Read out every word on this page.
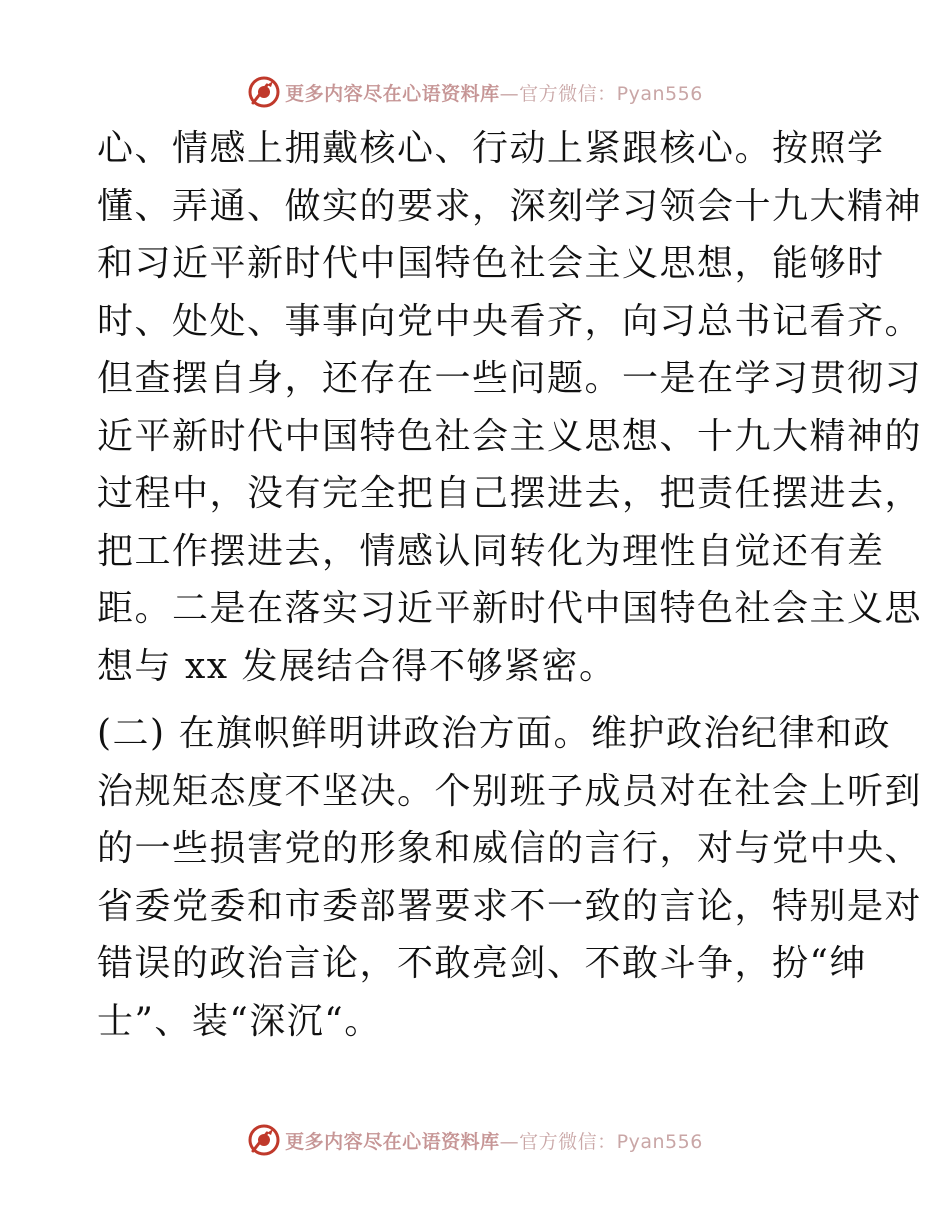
更多内容尽在心语资料库—官方微信：Pyan556
心、情感上拥戴核心、行动上紧跟核心。按照学
懂、弄通、做实的要求，深刻学习领会十九大精神
和习近平新时代中国特色社会主义思想，能够时
时、处处、事事向党中央看齐，向习总书记看齐。
但查摆自身，还存在一些问题。一是在学习贯彻习
近平新时代中国特色社会主义思想、十九大精神的
过程中，没有完全把自己摆进去，把责任摆进去，
把工作摆进去，情感认同转化为理性自觉还有差
距。二是在落实习近平新时代中国特色社会主义思
想与 xx 发展结合得不够紧密。
(二) 在旗帜鲜明讲政治方面。维护政治纪律和政
治规矩态度不坚决。个别班子成员对在社会上听到
的一些损害党的形象和威信的言行，对与党中央、
省委党委和市委部署要求不一致的言论，特别是对
错误的政治言论，不敢亮剑、不敢斗争，扮“绅
士”、装“深沉“。
更多内容尽在心语资料库—官方微信：Pyan556
